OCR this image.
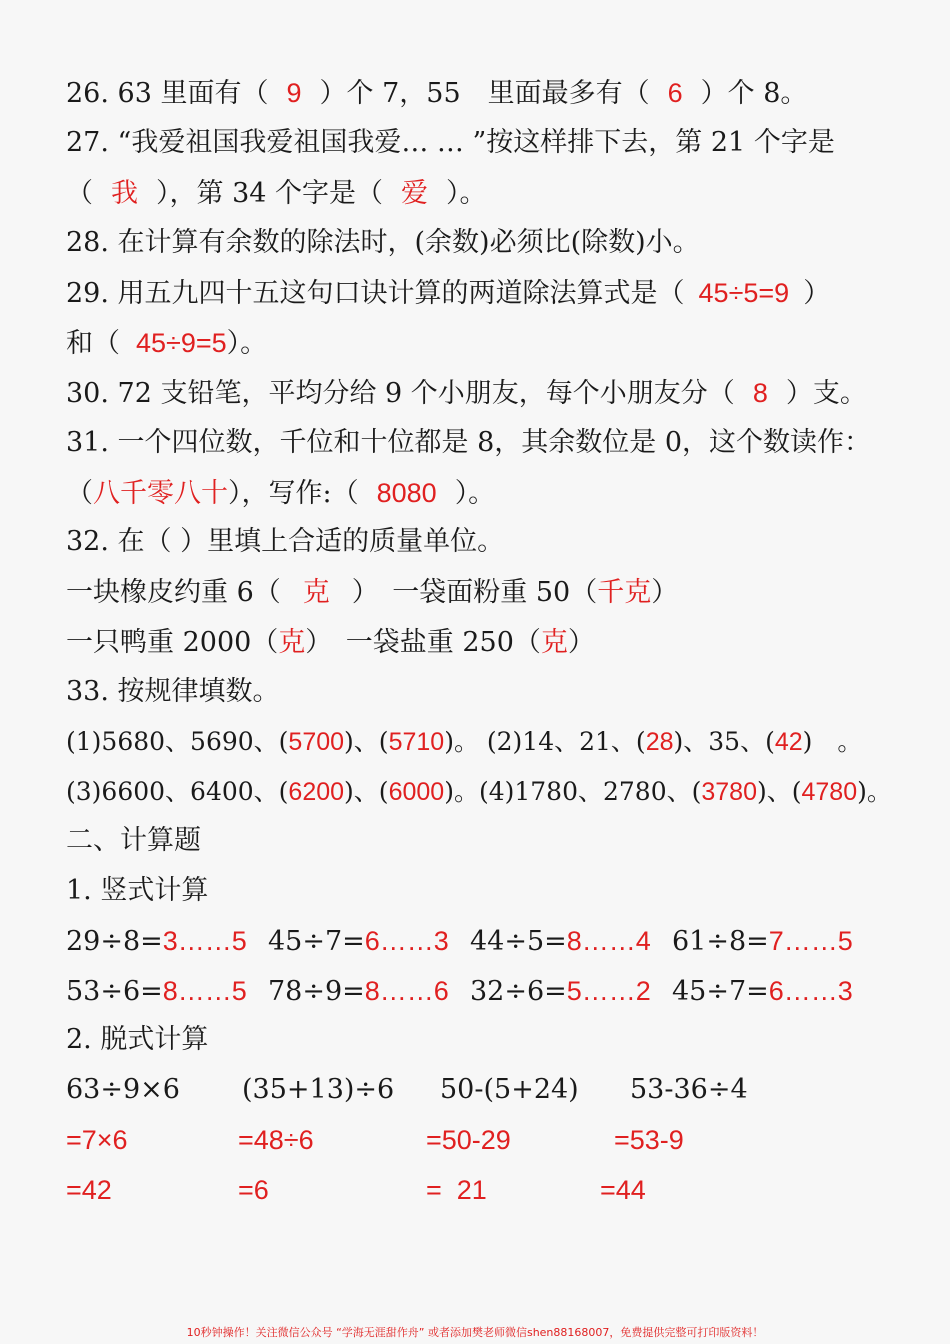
26. 63 里面有（ 9 ）个 7，55　里面最多有（ 6 ）个 8。
27. “我爱祖国我爱祖国我爱… … ”按这样排下去，第 21 个字是
（ 我 ），第 34 个字是（ 爱 ）。
28. 在计算有余数的除法时，(余数)必须比(除数)小。
29. 用五九四十五这句口诀计算的两道除法算式是（ 45÷5=9 ）
和（ 45÷9=5）。
30. 72 支铅笔，平均分给 9 个小朋友，每个小朋友分（ 8 ）支。
31. 一个四位数，千位和十位都是 8，其余数位是 0，这个数读作：
（八千零八十），写作:（ 8080 ）。
32. 在（ ）里填上合适的质量单位。
一块橡皮约重 6（ 克 ）　一袋面粉重 50（千克）
一只鸭重 2000（克）　一袋盐重 250（克）
33. 按规律填数。
(1)5680、5690、(5700)、(5710)。 (2)14、21、(28)、35、(42)　。
(3)6600、6400、(6200)、(6000)。(4)1780、2780、(3780)、(4780)。
二、计算题
1. 竖式计算
29÷8=3……5 45÷7=6……3 44÷5=8……4 61÷8=7……5
53÷6=8……5 78÷9=8……6 32÷6=5……2 45÷7=6……3
2. 脱式计算
63÷9×6 (35+13)÷6 50-(5+24) 53-36÷4
=7×6	=48÷6	=50-29	=53-9
=42	=6	=  21	=44
10秒钟操作！关注微信公众号 “学海无涯甜作舟” 或者添加樊老师微信shen88168007，免费提供完整可打印版资料！
